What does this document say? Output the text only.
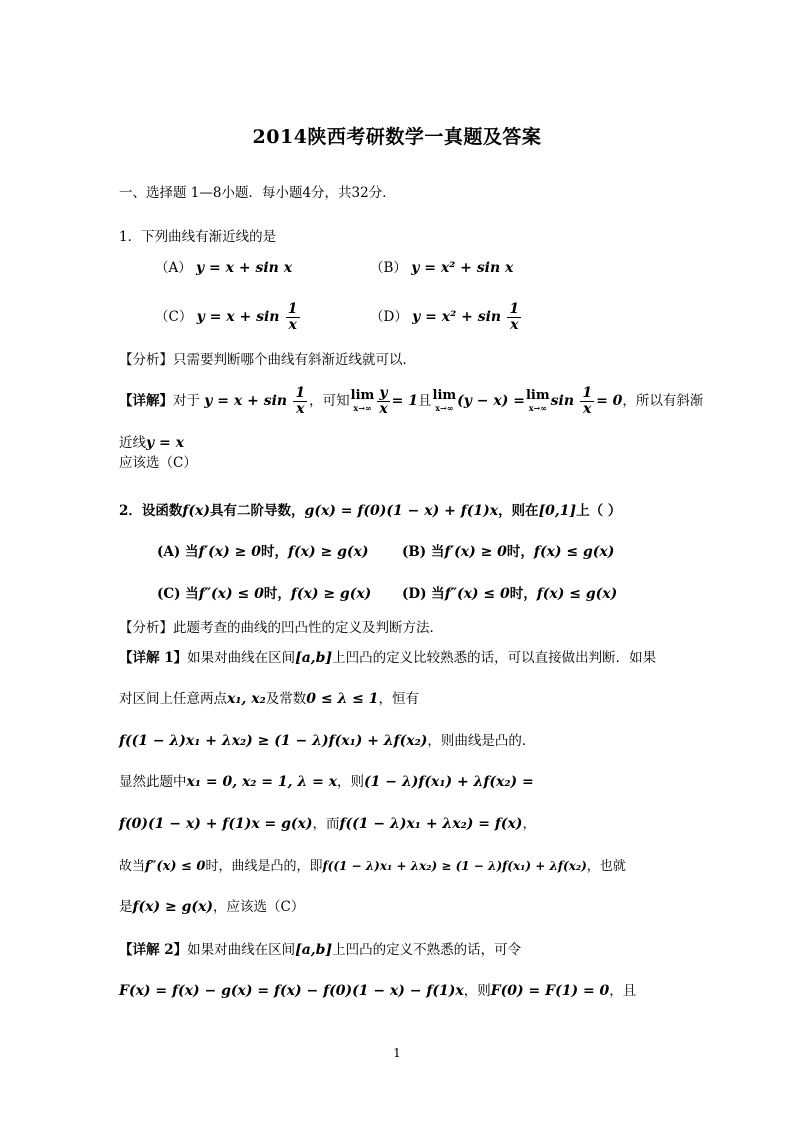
2014陕西考研数学一真题及答案
一、选择题 1—8小题．每小题4分，共32分．
1．下列曲线有渐近线的是
（A） y = x + sin x	（B） y = x² + sin x
（C） $y = x + \sin \frac{1}{x}$	（D） $y = x^2 + \sin \frac{1}{x}$
【分析】只需要判断哪个曲线有斜渐近线就可以．
【详解】对于 $y = x + \sin \frac{1}{x}$ ，可知 lim
$x\to\infty \frac{y}{x} = 1$且 lim
x→∞ (y − x) = lim
x→∞ $\sin \frac{1}{x} = 0$，所以有斜渐
近线y = x
应该选（C）
2．设函数f(x)具有二阶导数，g(x) = f(0)(1 − x) + f(1)x，则在[0,1]上（ ）
(A) 当f′(x) ≥ 0时，f(x) ≥ g(x) (B) 当f′(x) ≥ 0时，f(x) ≤ g(x)
(C) 当f″(x) ≤ 0时，f(x) ≥ g(x) (D) 当f″(x) ≤ 0时，f(x) ≤ g(x)
【分析】此题考查的曲线的凹凸性的定义及判断方法．
【详解 1】如果对曲线在区间[a,b]上凹凸的定义比较熟悉的话，可以直接做出判断．如果
对区间上任意两点x₁, x₂及常数0 ≤ λ ≤ 1，恒有
f((1 − λ)x₁ + λx₂) ≥ (1 − λ)f(x₁) + λf(x₂)，则曲线是凸的．
显然此题中x₁ = 0, x₂ = 1, λ = x，则(1 − λ)f(x₁) + λf(x₂) =
f(0)(1 − x) + f(1)x = g(x)，而f((1 − λ)x₁ + λx₂) = f(x)，
故当f″(x) ≤ 0时，曲线是凸的，即f((1 − λ)x₁ + λx₂) ≥ (1 − λ)f(x₁) + λf(x₂)，也就
是f(x) ≥ g(x)，应该选（C）
【详解 2】如果对曲线在区间[a,b]上凹凸的定义不熟悉的话，可令
F(x) = f(x) − g(x) = f(x) − f(0)(1 − x) − f(1)x，则F(0) = F(1) = 0，且
1
